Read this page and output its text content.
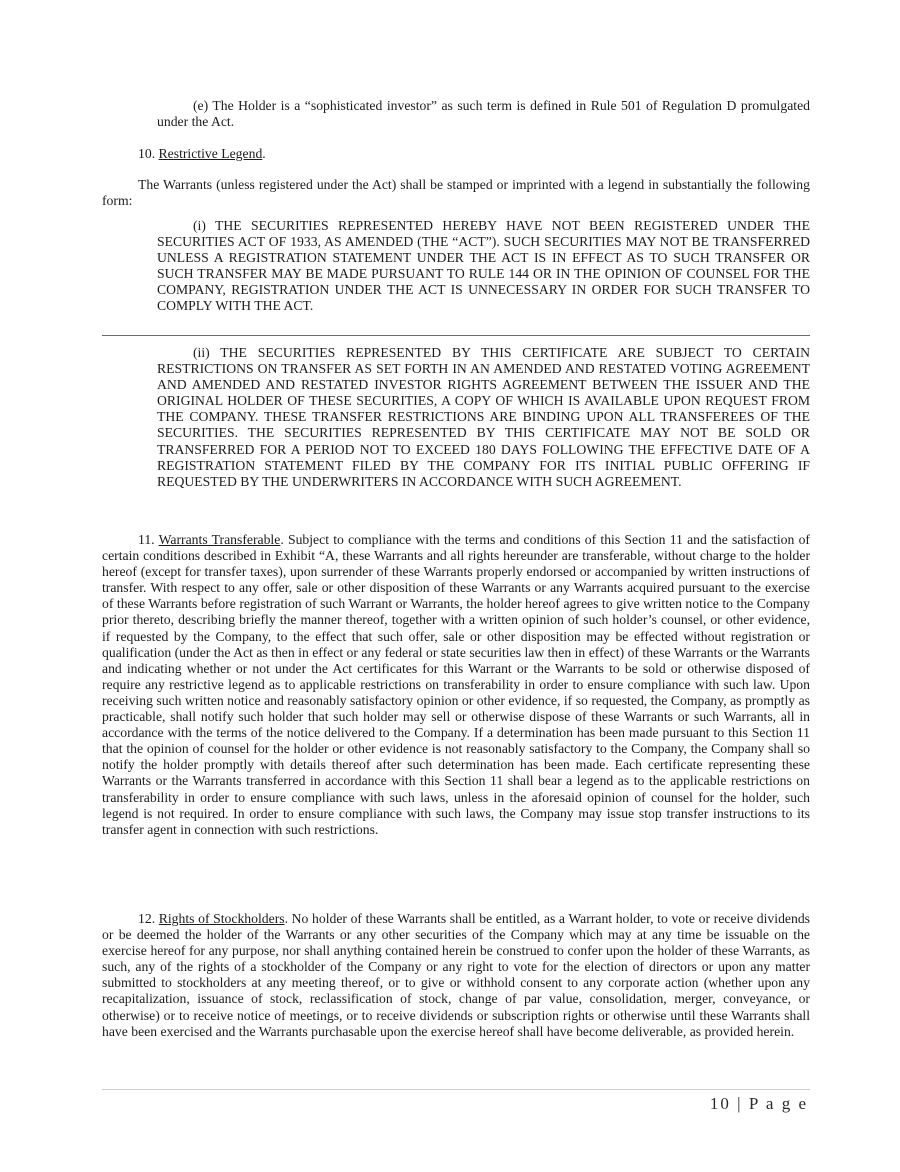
(e) The Holder is a “sophisticated investor” as such term is defined in Rule 501 of Regulation D promulgated under the Act.

10. Restrictive Legend.

The Warrants (unless registered under the Act) shall be stamped or imprinted with a legend in substantially the following form:

(i) THE SECURITIES REPRESENTED HEREBY HAVE NOT BEEN REGISTERED UNDER THE SECURITIES ACT OF 1933, AS AMENDED (THE “ACT”). SUCH SECURITIES MAY NOT BE TRANSFERRED UNLESS A REGISTRATION STATEMENT UNDER THE ACT IS IN EFFECT AS TO SUCH TRANSFER OR SUCH TRANSFER MAY BE MADE PURSUANT TO RULE 144 OR IN THE OPINION OF COUNSEL FOR THE COMPANY, REGISTRATION UNDER THE ACT IS UNNECESSARY IN ORDER FOR SUCH TRANSFER TO COMPLY WITH THE ACT.

(ii) THE SECURITIES REPRESENTED BY THIS CERTIFICATE ARE SUBJECT TO CERTAIN RESTRICTIONS ON TRANSFER AS SET FORTH IN AN AMENDED AND RESTATED VOTING AGREEMENT AND AMENDED AND RESTATED INVESTOR RIGHTS AGREEMENT BETWEEN THE ISSUER AND THE ORIGINAL HOLDER OF THESE SECURITIES, A COPY OF WHICH IS AVAILABLE UPON REQUEST FROM THE COMPANY. THESE TRANSFER RESTRICTIONS ARE BINDING UPON ALL TRANSFEREES OF THE SECURITIES. THE SECURITIES REPRESENTED BY THIS CERTIFICATE MAY NOT BE SOLD OR TRANSFERRED FOR A PERIOD NOT TO EXCEED 180 DAYS FOLLOWING THE EFFECTIVE DATE OF A REGISTRATION STATEMENT FILED BY THE COMPANY FOR ITS INITIAL PUBLIC OFFERING IF REQUESTED BY THE UNDERWRITERS IN ACCORDANCE WITH SUCH AGREEMENT.

11. Warrants Transferable. Subject to compliance with the terms and conditions of this Section 11 and the satisfaction of certain conditions described in Exhibit “A, these Warrants and all rights hereunder are transferable, without charge to the holder hereof (except for transfer taxes), upon surrender of these Warrants properly endorsed or accompanied by written instructions of transfer. With respect to any offer, sale or other disposition of these Warrants or any Warrants acquired pursuant to the exercise of these Warrants before registration of such Warrant or Warrants, the holder hereof agrees to give written notice to the Company prior thereto, describing briefly the manner thereof, together with a written opinion of such holder’s counsel, or other evidence, if requested by the Company, to the effect that such offer, sale or other disposition may be effected without registration or qualification (under the Act as then in effect or any federal or state securities law then in effect) of these Warrants or the Warrants and indicating whether or not under the Act certificates for this Warrant or the Warrants to be sold or otherwise disposed of require any restrictive legend as to applicable restrictions on transferability in order to ensure compliance with such law. Upon receiving such written notice and reasonably satisfactory opinion or other evidence, if so requested, the Company, as promptly as practicable, shall notify such holder that such holder may sell or otherwise dispose of these Warrants or such Warrants, all in accordance with the terms of the notice delivered to the Company. If a determination has been made pursuant to this Section 11 that the opinion of counsel for the holder or other evidence is not reasonably satisfactory to the Company, the Company shall so notify the holder promptly with details thereof after such determination has been made. Each certificate representing these Warrants or the Warrants transferred in accordance with this Section 11 shall bear a legend as to the applicable restrictions on transferability in order to ensure compliance with such laws, unless in the aforesaid opinion of counsel for the holder, such legend is not required. In order to ensure compliance with such laws, the Company may issue stop transfer instructions to its transfer agent in connection with such restrictions.

12. Rights of Stockholders. No holder of these Warrants shall be entitled, as a Warrant holder, to vote or receive dividends or be deemed the holder of the Warrants or any other securities of the Company which may at any time be issuable on the exercise hereof for any purpose, nor shall anything contained herein be construed to confer upon the holder of these Warrants, as such, any of the rights of a stockholder of the Company or any right to vote for the election of directors or upon any matter submitted to stockholders at any meeting thereof, or to give or withhold consent to any corporate action (whether upon any recapitalization, issuance of stock, reclassification of stock, change of par value, consolidation, merger, conveyance, or otherwise) or to receive notice of meetings, or to receive dividends or subscription rights or otherwise until these Warrants shall have been exercised and the Warrants purchasable upon the exercise hereof shall have become deliverable, as provided herein.

10 | P a g e
